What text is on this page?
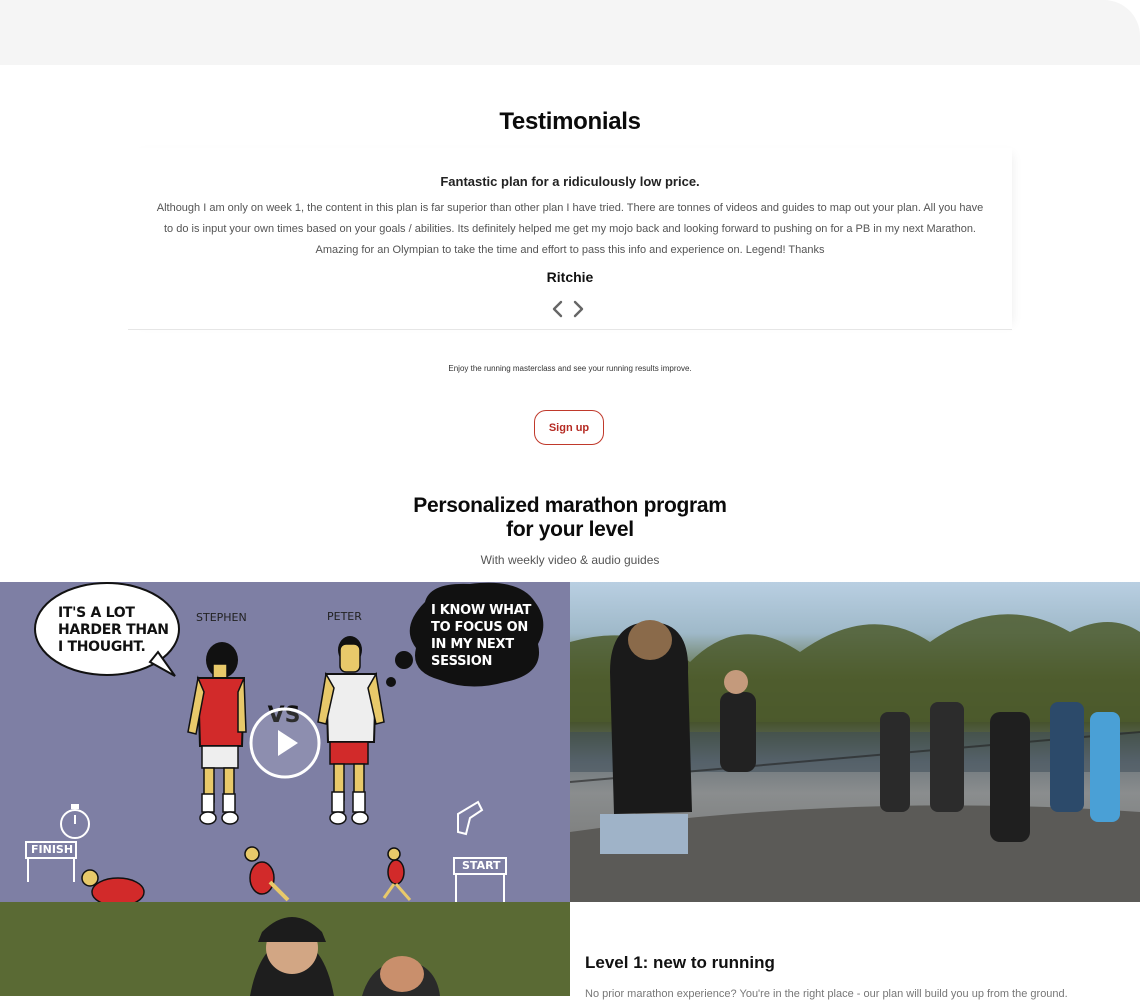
Testimonials
Fantastic plan for a ridiculously low price.
Although I am only on week 1, the content in this plan is far superior than other plan I have tried. There are tonnes of videos and guides to map out your plan. All you have to do is input your own times based on your goals / abilities. Its definitely helped me get my mojo back and looking forward to pushing on for a PB in my next Marathon. Amazing for an Olympian to take the time and effort to pass this info and experience on. Legend! Thanks
Ritchie
Enjoy the running masterclass and see your running results improve.
Sign up
Personalized marathon program
for your level
With weekly video & audio guides
IT'S A LOT
HARDER THAN
I THOUGHT.
I KNOW WHAT
TO FOCUS ON
IN MY NEXT
SESSION
STEPHEN	PETER
FINISH
START
Level 1: new to running
No prior marathon experience? You're in the right place - our plan will build you up from the ground.
